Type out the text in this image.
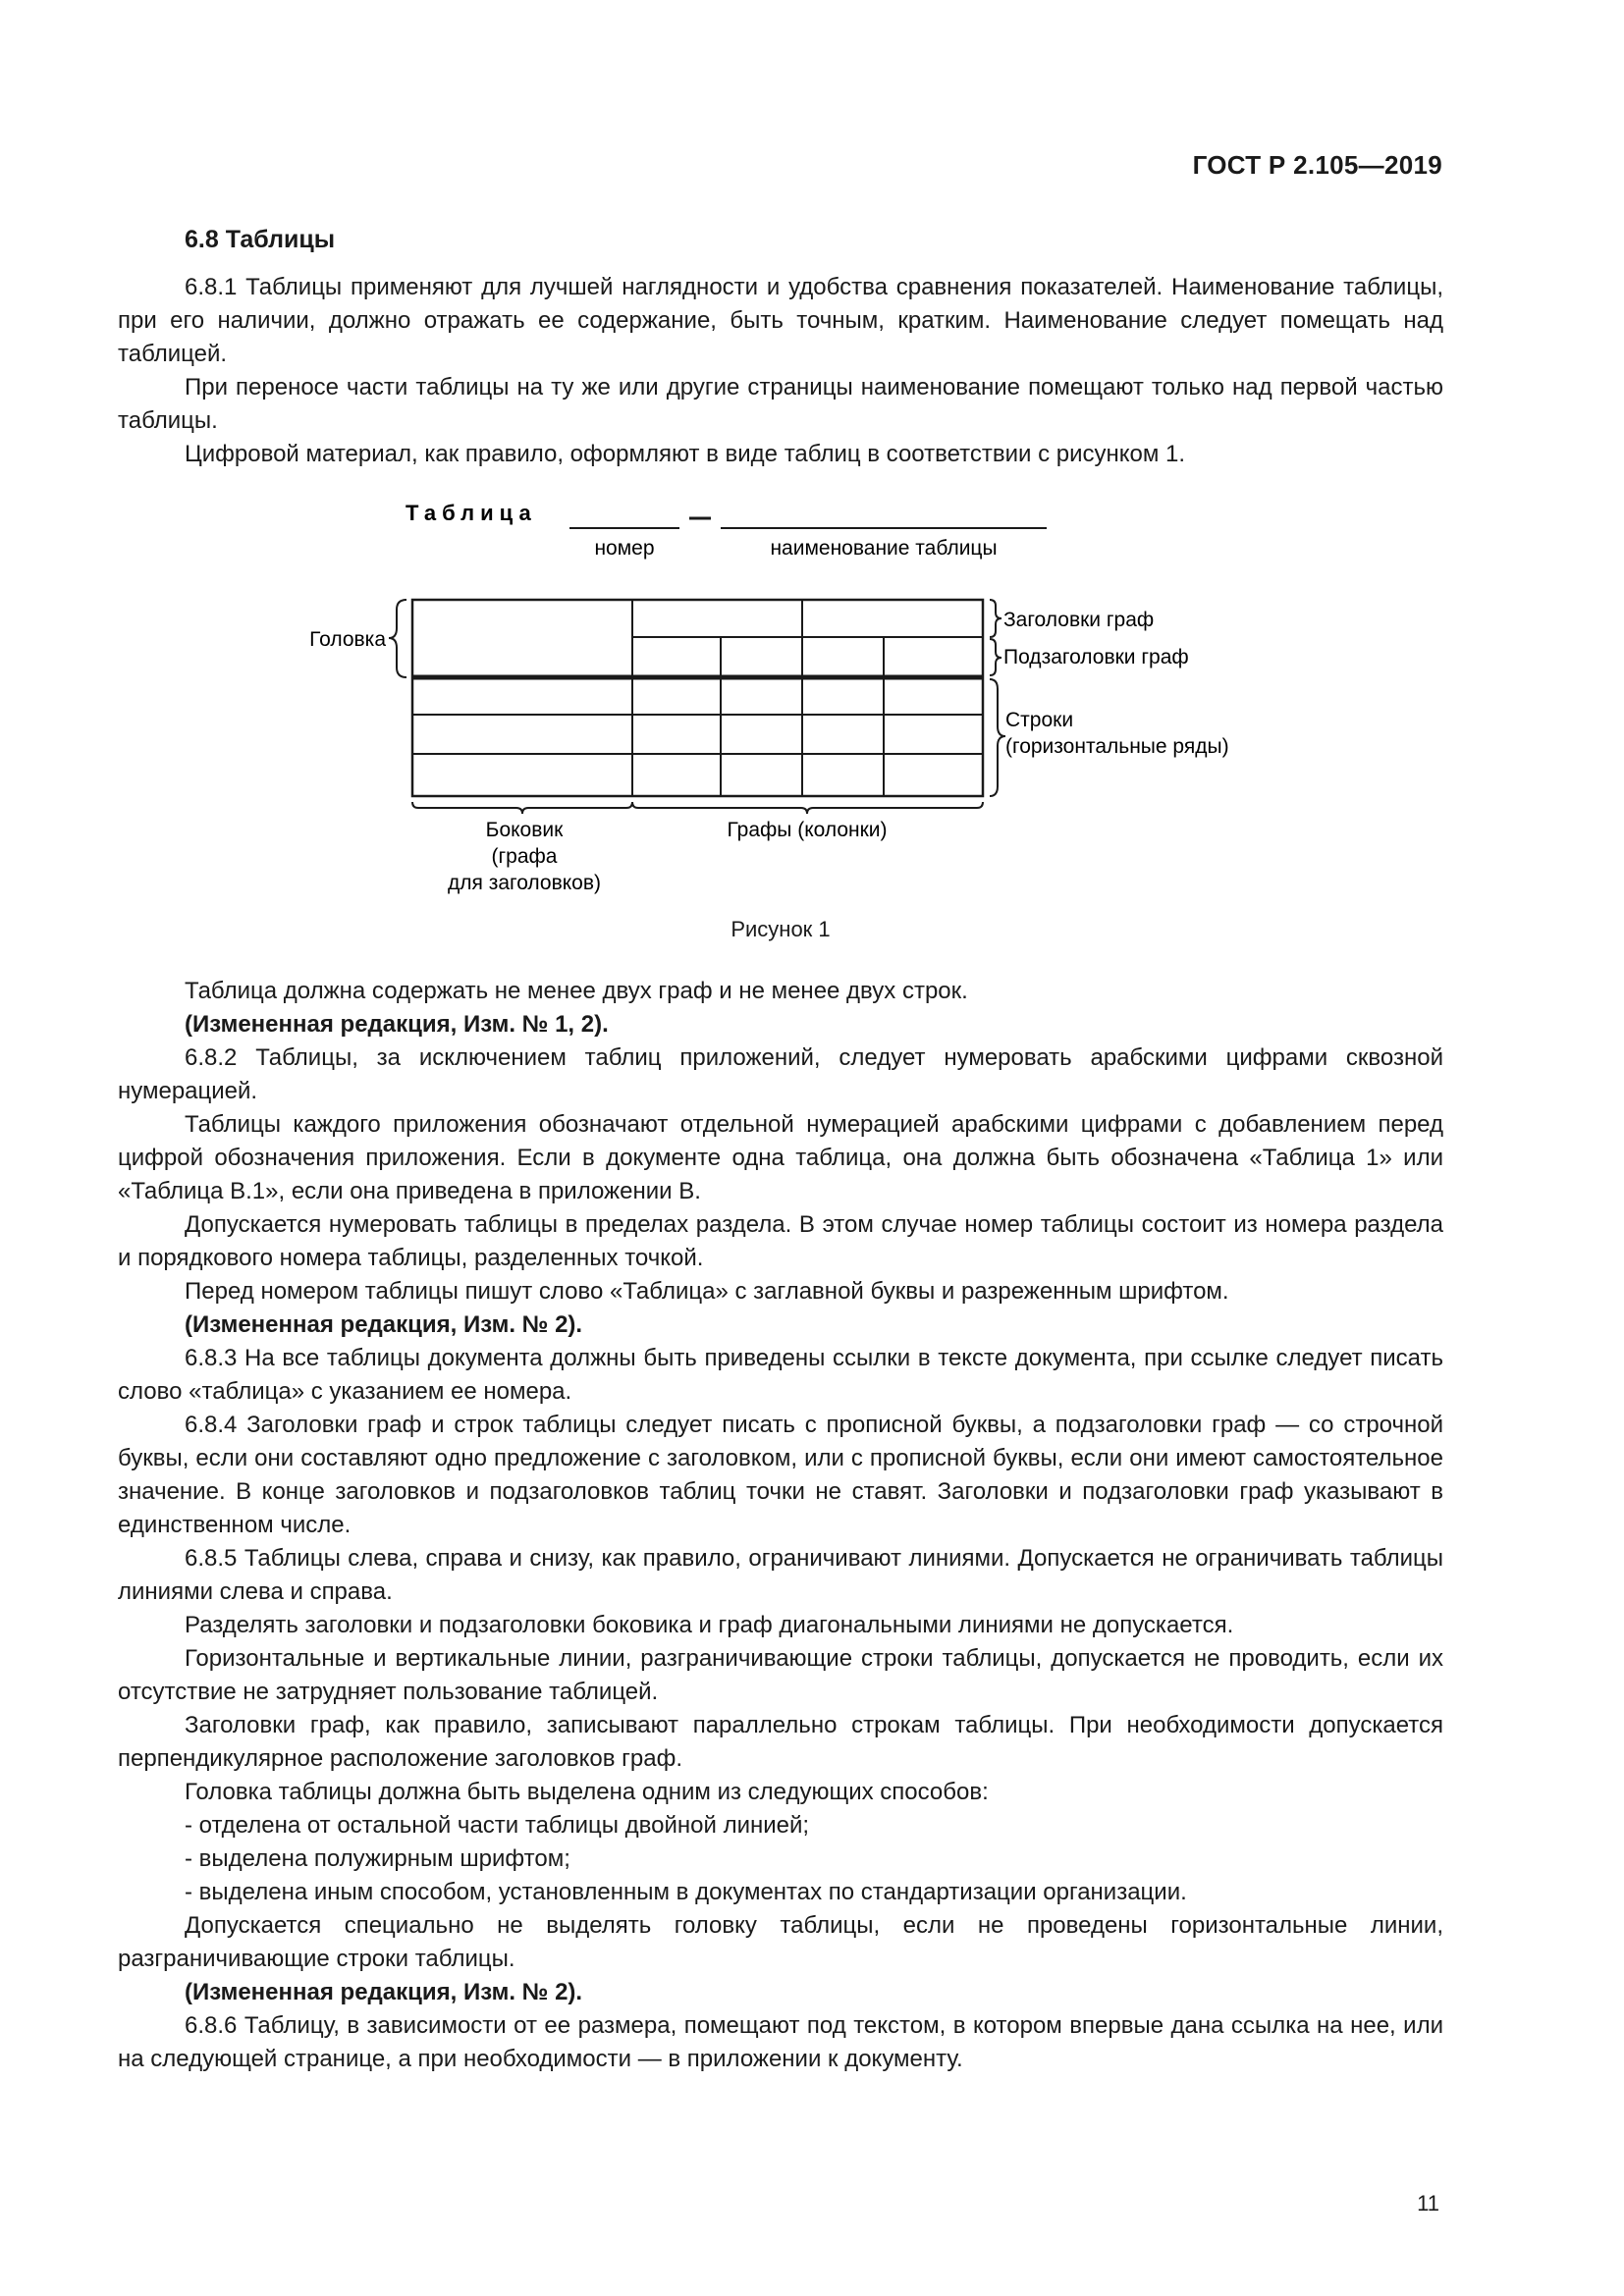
ГОСТ Р 2.105—2019
6.8 Таблицы

6.8.1 Таблицы применяют для лучшей наглядности и удобства сравнения показателей. Наименование таблицы, при его наличии, должно отражать ее содержание, быть точным, кратким. Наименование следует помещать над таблицей.

При переносе части таблицы на ту же или другие страницы наименование помещают только над первой частью таблицы.

Цифровой материал, как правило, оформляют в виде таблиц в соответствии с рисунком 1.

Таблица
номер	наименование таблицы
Головка
Заголовки граф
Подзаголовки граф
Строки
(горизонтальные ряды)
Боковик
(графа
для заголовков)
Графы (колонки)
Рисунок 1

Таблица должна содержать не менее двух граф и не менее двух строк.

(Измененная редакция, Изм. № 1, 2).

6.8.2 Таблицы, за исключением таблиц приложений, следует нумеровать арабскими цифрами сквозной нумерацией.

Таблицы каждого приложения обозначают отдельной нумерацией арабскими цифрами с добавлением перед цифрой обозначения приложения. Если в документе одна таблица, она должна быть обозначена «Таблица 1» или «Таблица В.1», если она приведена в приложении В.

Допускается нумеровать таблицы в пределах раздела. В этом случае номер таблицы состоит из номера раздела и порядкового номера таблицы, разделенных точкой.

Перед номером таблицы пишут слово «Таблица» с заглавной буквы и разреженным шрифтом.

(Измененная редакция, Изм. № 2).

6.8.3 На все таблицы документа должны быть приведены ссылки в тексте документа, при ссылке следует писать слово «таблица» с указанием ее номера.

6.8.4 Заголовки граф и строк таблицы следует писать с прописной буквы, а подзаголовки граф — со строчной буквы, если они составляют одно предложение с заголовком, или с прописной буквы, если они имеют самостоятельное значение. В конце заголовков и подзаголовков таблиц точки не ставят. Заголовки и подзаголовки граф указывают в единственном числе.

6.8.5 Таблицы слева, справа и снизу, как правило, ограничивают линиями. Допускается не ограничивать таблицы линиями слева и справа.

Разделять заголовки и подзаголовки боковика и граф диагональными линиями не допускается.

Горизонтальные и вертикальные линии, разграничивающие строки таблицы, допускается не проводить, если их отсутствие не затрудняет пользование таблицей.

Заголовки граф, как правило, записывают параллельно строкам таблицы. При необходимости допускается перпендикулярное расположение заголовков граф.

Головка таблицы должна быть выделена одним из следующих способов:

- отделена от остальной части таблицы двойной линией;

- выделена полужирным шрифтом;

- выделена иным способом, установленным в документах по стандартизации организации.

Допускается специально не выделять головку таблицы, если не проведены горизонтальные линии, разграничивающие строки таблицы.

(Измененная редакция, Изм. № 2).

6.8.6 Таблицу, в зависимости от ее размера, помещают под текстом, в котором впервые дана ссылка на нее, или на следующей странице, а при необходимости — в приложении к документу.

11
